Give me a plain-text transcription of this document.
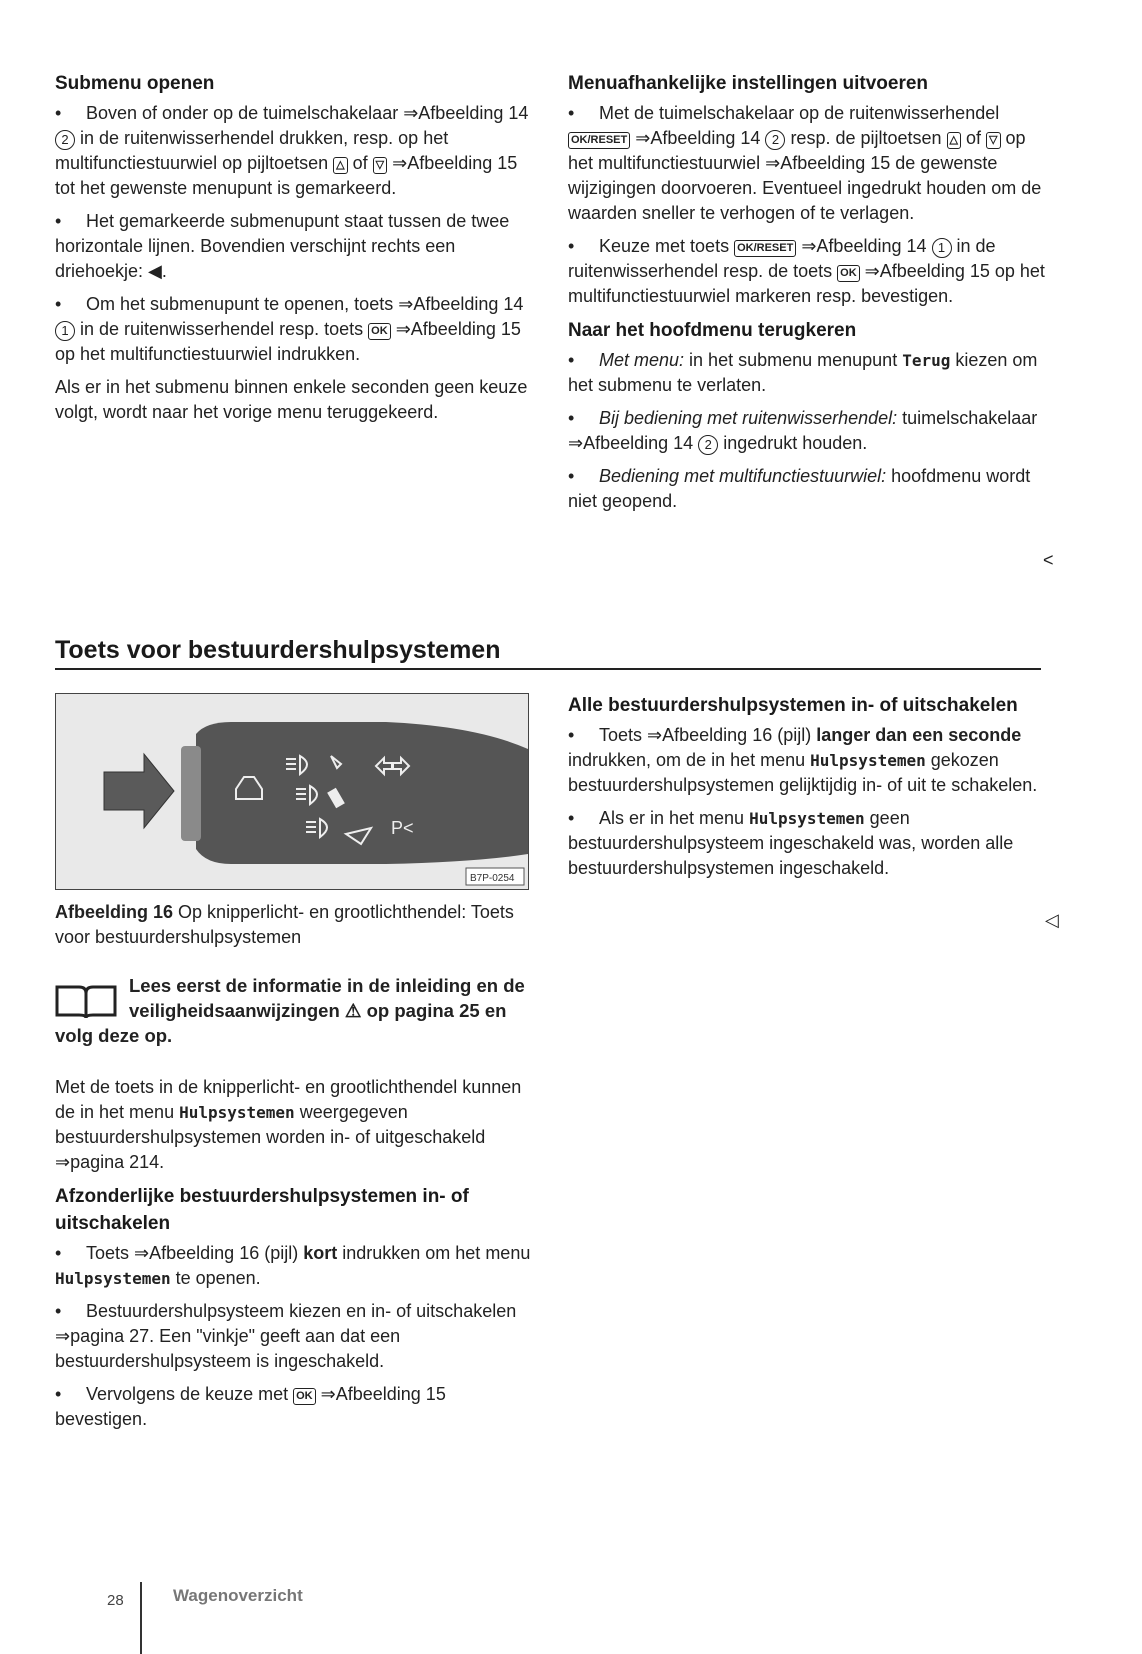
Submenu openen

• Boven of onder op de tuimelschakelaar ⇒Afbeelding 14 2 in de ruitenwisserhendel drukken, resp. op het multifunctiestuurwiel op pijltoetsen △ of ▽ ⇒Afbeelding 15 tot het gewenste menupunt is gemarkeerd.

• Het gemarkeerde submenupunt staat tussen de twee horizontale lijnen. Bovendien verschijnt rechts een driehoekje: ◀.

• Om het submenupunt te openen, toets ⇒Afbeelding 14 1 in de ruitenwisserhendel resp. toets OK ⇒Afbeelding 15 op het multifunctiestuurwiel indrukken.

Als er in het submenu binnen enkele seconden geen keuze volgt, wordt naar het vorige menu teruggekeerd.

Menuafhankelijke instellingen uitvoeren

• Met de tuimelschakelaar op de ruitenwisserhendel OK/RESET ⇒Afbeelding 14 2 resp. de pijltoetsen △ of ▽ op het multifunctiestuurwiel ⇒Afbeelding 15 de gewenste wijzigingen doorvoeren. Eventueel ingedrukt houden om de waarden sneller te verhogen of te verlagen.

• Keuze met toets OK/RESET ⇒Afbeelding 14 1 in de ruitenwisserhendel resp. de toets OK ⇒Afbeelding 15 op het multifunctiestuurwiel markeren resp. bevestigen.

Naar het hoofdmenu terugkeren

• Met menu: in het submenu menupunt Terug kiezen om het submenu te verlaten.

• Bij bediening met ruitenwisserhendel: tuimelschakelaar ⇒Afbeelding 14 2 ingedrukt houden.

• Bediening met multifunctiestuurwiel: hoofdmenu wordt niet geopend.

<
Toets voor bestuurdershulpsystemen
P<
B7P-0254
Afbeelding 16 Op knipperlicht- en grootlichthendel: Toets voor bestuurdershulpsystemen
Lees eerst de informatie in de inleiding en de veiligheidsaanwijzingen ⚠ op pagina 25 en volg deze op.

Met de toets in de knipperlicht- en grootlichthendel kunnen de in het menu Hulpsystemen weergegeven bestuurdershulpsystemen worden in- of uitgeschakeld ⇒pagina 214.

Afzonderlijke bestuurdershulpsystemen in- of uitschakelen

• Toets ⇒Afbeelding 16 (pijl) kort indrukken om het menu Hulpsystemen te openen.

• Bestuurdershulpsysteem kiezen en in- of uitschakelen ⇒pagina 27. Een "vinkje" geeft aan dat een bestuurdershulpsysteem is ingeschakeld.

• Vervolgens de keuze met OK ⇒Afbeelding 15 bevestigen.

Alle bestuurdershulpsystemen in- of uitschakelen

• Toets ⇒Afbeelding 16 (pijl) langer dan een seconde indrukken, om de in het menu Hulpsystemen gekozen bestuurdershulpsystemen gelijktijdig in- of uit te schakelen.

• Als er in het menu Hulpsystemen geen bestuurdershulpsysteem ingeschakeld was, worden alle bestuurdershulpsystemen ingeschakeld.

◁
28	Wagenoverzicht
